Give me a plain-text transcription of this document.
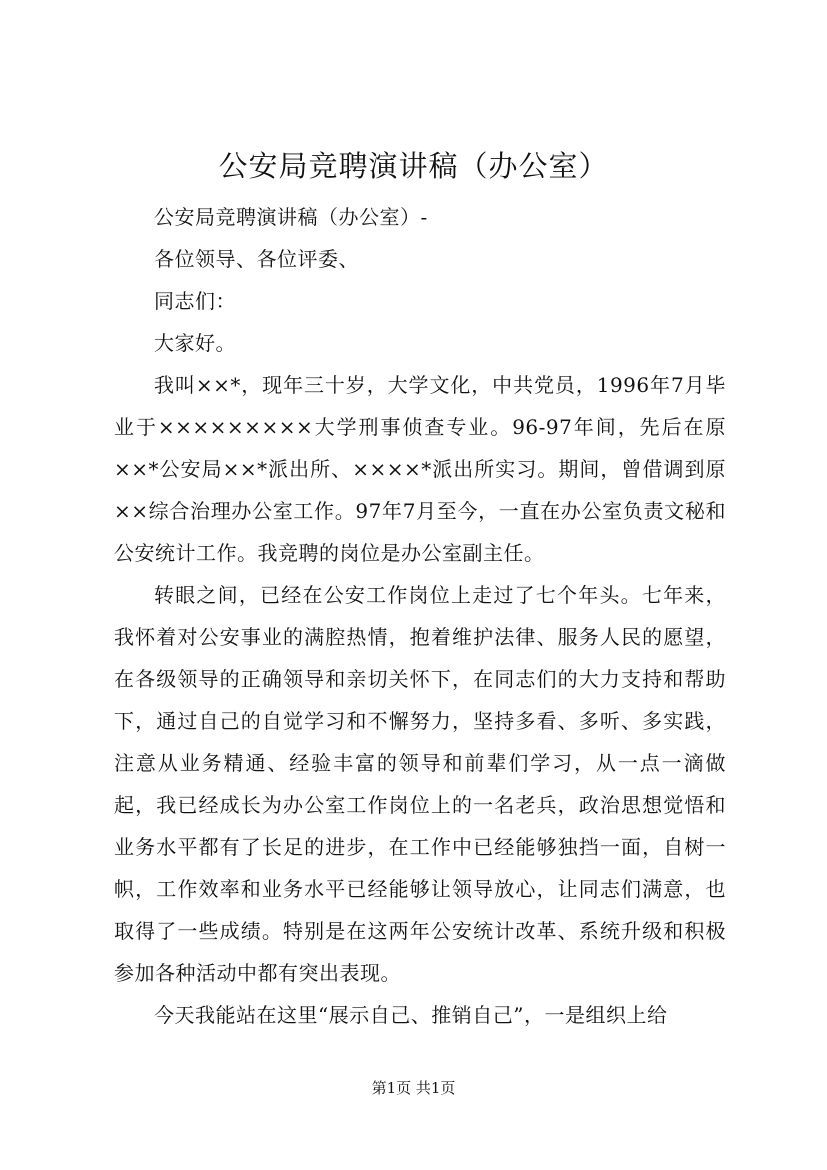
公安局竞聘演讲稿（办公室）

公安局竞聘演讲稿（办公室）-

各位领导、各位评委、

同志们：

大家好。

我叫××*，现年三十岁，大学文化，中共党员，1996年7月毕业于×××××××××大学刑事侦查专业。96-97年间，先后在原××*公安局××*派出所、××××*派出所实习。期间，曾借调到原××综合治理办公室工作。97年7月至今，一直在办公室负责文秘和公安统计工作。我竞聘的岗位是办公室副主任。

转眼之间，已经在公安工作岗位上走过了七个年头。七年来，我怀着对公安事业的满腔热情，抱着维护法律、服务人民的愿望，在各级领导的正确领导和亲切关怀下，在同志们的大力支持和帮助下，通过自己的自觉学习和不懈努力，坚持多看、多听、多实践，注意从业务精通、经验丰富的领导和前辈们学习，从一点一滴做起，我已经成长为办公室工作岗位上的一名老兵，政治思想觉悟和业务水平都有了长足的进步，在工作中已经能够独挡一面，自树一帜，工作效率和业务水平已经能够让领导放心，让同志们满意，也取得了一些成绩。特别是在这两年公安统计改革、系统升级和积极参加各种活动中都有突出表现。

今天我能站在这里“展示自己、推销自己”，一是组织上给

第1页 共1页
